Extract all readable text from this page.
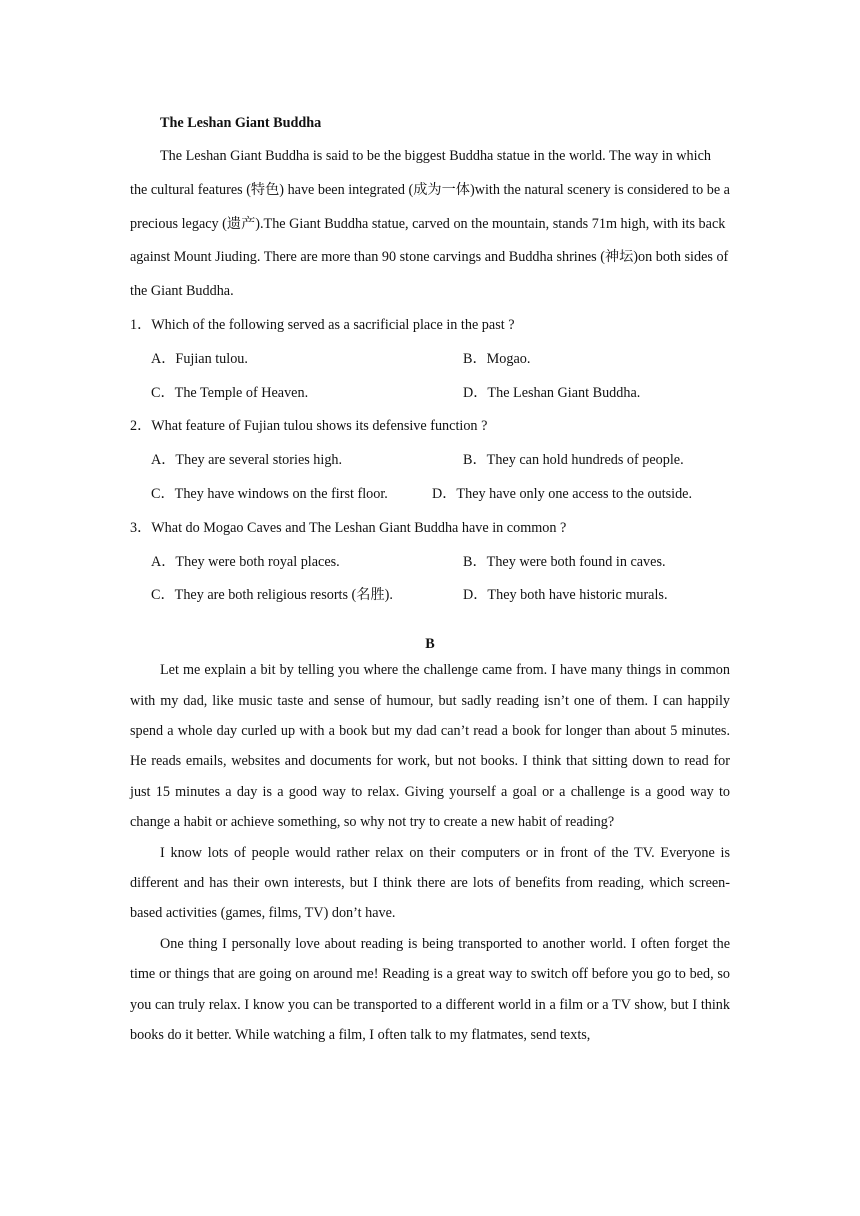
The Leshan Giant Buddha

The Leshan Giant Buddha is said to be the biggest Buddha statue in the world. The way in which the cultural features (特色) have been integrated (成为一体)with the natural scenery is considered to be a precious legacy (遗产).The Giant Buddha statue, carved on the mountain, stands 71m high, with its back against Mount Jiuding. There are more than 90 stone carvings and Buddha shrines (神坛)on both sides of the Giant Buddha.

1．Which of the following served as a sacrificial place in the past ?

A．Fujian tulou.	B．Mogao.
C．The Temple of Heaven.	D．The Leshan Giant Buddha.

2．What feature of Fujian tulou shows its defensive function ?

A．They are several stories high.	B．They can hold hundreds of people.
C．They have windows on the first floor.	D．They have only one access to the outside.

3．What do Mogao Caves and The Leshan Giant Buddha have in common ?

A．They were both royal places.	B．They were both found in caves.
C．They are both religious resorts (名胜).	D．They both have historic murals.

B

Let me explain a bit by telling you where the challenge came from. I have many things in common with my dad, like music taste and sense of humour, but sadly reading isn’t one of them. I can happily spend a whole day curled up with a book but my dad can’t read a book for longer than about 5 minutes. He reads emails, websites and documents for work, but not books. I think that sitting down to read for just 15 minutes a day is a good way to relax. Giving yourself a goal or a challenge is a good way to change a habit or achieve something, so why not try to create a new habit of reading?

I know lots of people would rather relax on their computers or in front of the TV. Everyone is different and has their own interests, but I think there are lots of benefits from reading, which screen-based activities (games, films, TV) don’t have.

One thing I personally love about reading is being transported to another world. I often forget the time or things that are going on around me! Reading is a great way to switch off before you go to bed, so you can truly relax. I know you can be transported to a different world in a film or a TV show, but I think books do it better. While watching a film, I often talk to my flatmates, send texts,
